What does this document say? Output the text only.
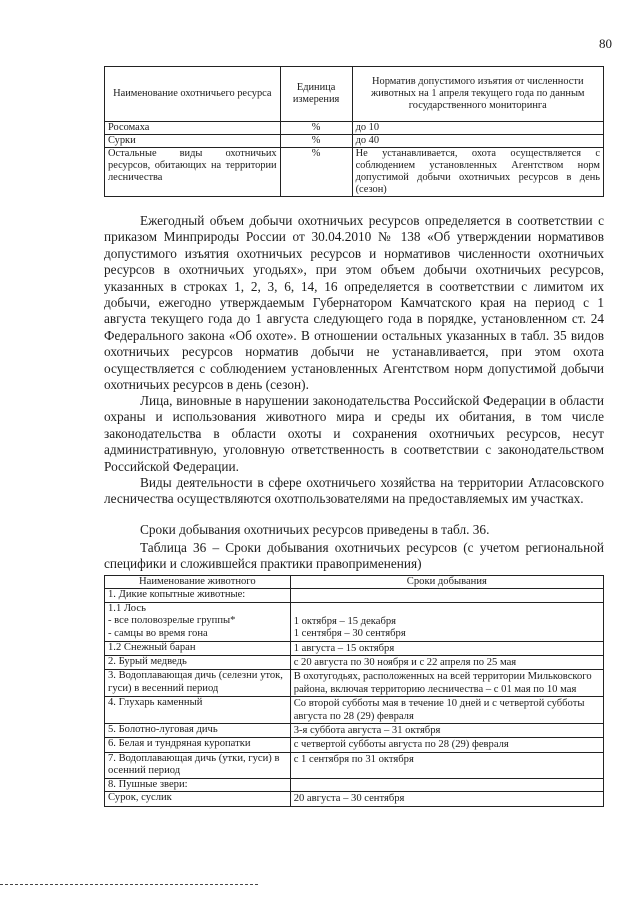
80
Наименование охотничьего ресурса	Единица измерения	Норматив допустимого изъятия от численности животных на 1 апреля текущего года по данным государственного мониторинга
Росомаха	%	до 10
Сурки	%	до 40
Остальные виды охотничьих ресурсов, обитающих на территории лесничества	%	Не устанавливается, охота осуществляется с соблюдением установленных Агентством норм допустимой добычи охотничьих ресурсов в день (сезон)

Ежегодный объем добычи охотничьих ресурсов определяется в соответствии с приказом Минприроды России от 30.04.2010 № 138 «Об утверждении нормативов допустимого изъятия охотничьих ресурсов и нормативов численности охотничьих ресурсов в охотничьих угодьях», при этом объем добычи охотничьих ресурсов, указанных в строках 1, 2, 3, 6, 14, 16 определяется в соответствии с лимитом их добычи, ежегодно утверждаемым Губернатором Камчатского края на период с 1 августа текущего года до 1 августа следующего года в порядке, установленном ст. 24 Федерального закона «Об охоте». В отношении остальных указанных в табл. 35 видов охотничьих ресурсов норматив добычи не устанавливается, при этом охота осуществляется с соблюдением установленных Агентством норм допустимой добычи охотничьих ресурсов в день (сезон).

Лица, виновные в нарушении законодательства Российской Федерации в области охраны и использования животного мира и среды их обитания, в том числе законодательства в области охоты и сохранения охотничьих ресурсов, несут административную, уголовную ответственность в соответствии с законодательством Российской Федерации.

Виды деятельности в сфере охотничьего хозяйства на территории Атласовского лесничества осуществляются охотпользователями на предоставляемых им участках.

Сроки добывания охотничьих ресурсов приведены в табл. 36.

Таблица 36 – Сроки добывания охотничьих ресурсов (с учетом региональной специфики и сложившейся практики правоприменения)

Наименование животного	Сроки добывания
1. Дикие копытные животные:	
1.1 Лось
- все половозрелые группы*
- самцы во время гона	1 октября – 15 декабря
1 сентября – 30 сентября
1.2 Снежный баран	1 августа – 15 октября
2. Бурый медведь	с 20 августа по 30 ноября и с 22 апреля по 25 мая
3. Водоплавающая дичь (селезни уток, гуси) в весенний период	В охотугодьях, расположенных на всей территории Мильковского района, включая территорию лесничества – с 01 мая по 10 мая
4. Глухарь каменный	Со второй субботы мая в течение 10 дней и с четвертой субботы августа по 28 (29) февраля
5. Болотно-луговая дичь	3-я суббота августа – 31 октября
6. Белая и тундряная куропатки	с четвертой субботы августа по 28 (29) февраля
7. Водоплавающая дичь (утки, гуси) в осенний период	с 1 сентября по 31 октября
8. Пушные звери:	
Сурок, суслик	20 августа – 30 сентября
